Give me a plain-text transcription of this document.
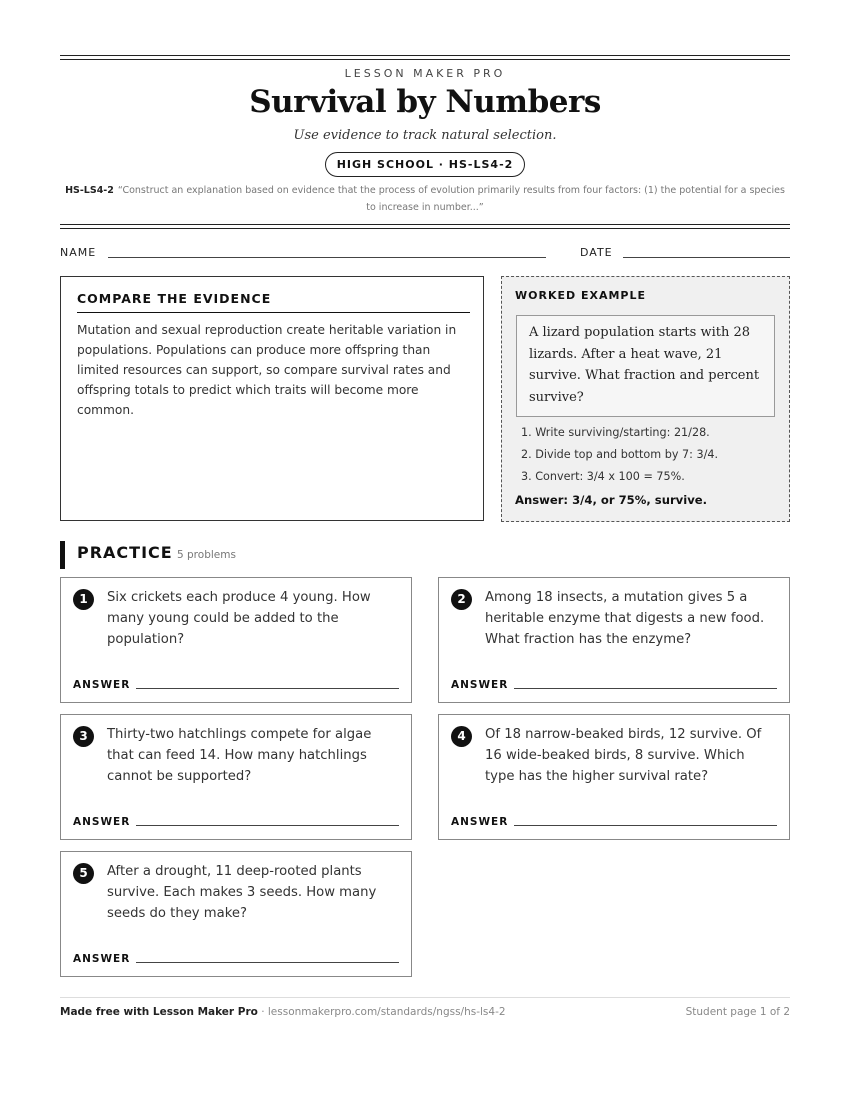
LESSON MAKER PRO
Survival by Numbers
Use evidence to track natural selection.
HIGH SCHOOL · HS-LS4-2
HS-LS4-2 “Construct an explanation based on evidence that the process of evolution primarily results from four factors: (1) the potential for a species to increase in number...”
NAME	DATE
COMPARE THE EVIDENCE
Mutation and sexual reproduction create heritable variation in populations. Populations can produce more offspring than limited resources can support, so compare survival rates and offspring totals to predict which traits will become more common.
WORKED EXAMPLE
A lizard population starts with 28 lizards. After a heat wave, 21 survive. What fraction and percent survive?
1. Write surviving/starting: 21/28.
2. Divide top and bottom by 7: 3/4.
3. Convert: 3/4 x 100 = 75%.
Answer: 3/4, or 75%, survive.
PRACTICE 5 problems
1	Six crickets each produce 4 young. How many young could be added to the population?
ANSWER
2	Among 18 insects, a mutation gives 5 a heritable enzyme that digests a new food. What fraction has the enzyme?
ANSWER
3	Thirty-two hatchlings compete for algae that can feed 14. How many hatchlings cannot be supported?
ANSWER
4	Of 18 narrow-beaked birds, 12 survive. Of 16 wide-beaked birds, 8 survive. Which type has the higher survival rate?
ANSWER
5	After a drought, 11 deep-rooted plants survive. Each makes 3 seeds. How many seeds do they make?
ANSWER
Made free with Lesson Maker Pro · lessonmakerpro.com/standards/ngss/hs-ls4-2	Student page 1 of 2
